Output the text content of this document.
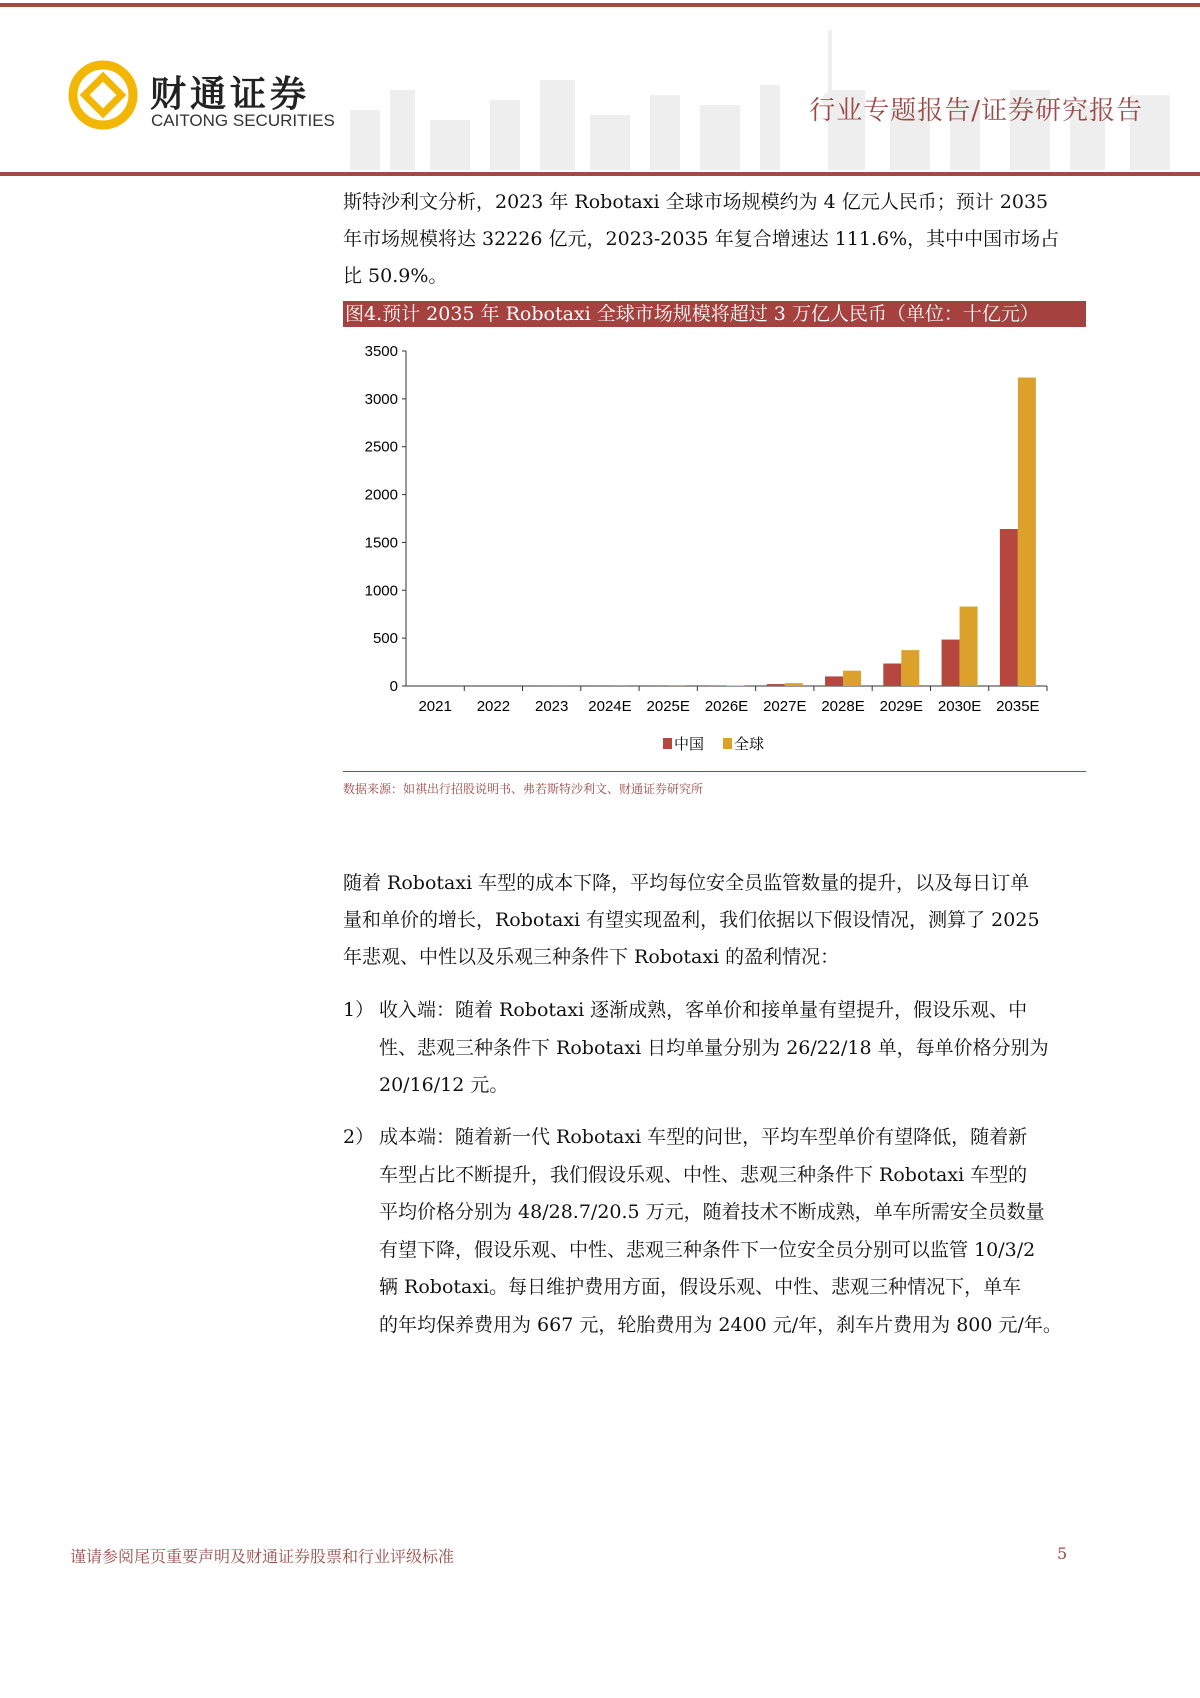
财通证券
CAITONG SECURITIES	行业专题报告/证券研究报告
斯特沙利文分析，2023 年 Robotaxi 全球市场规模约为 4 亿元人民币；预计 2035
年市场规模将达 32226 亿元，2023-2035 年复合增速达 111.6%，其中中国市场占
比 50.9%。
图4.预计 2035 年 Robotaxi 全球市场规模将超过 3 万亿人民币（单位：十亿元）
0
500
1000
1500
2000
2500
3000
3500
2021 2022 2023 2024E 2025E 2026E 2027E 2028E 2029E 2030E 2035E
中国 全球
数据来源：如祺出行招股说明书、弗若斯特沙利文、财通证券研究所
随着 Robotaxi 车型的成本下降，平均每位安全员监管数量的提升，以及每日订单
量和单价的增长，Robotaxi 有望实现盈利，我们依据以下假设情况，测算了 2025
年悲观、中性以及乐观三种条件下 Robotaxi 的盈利情况：
1） 收入端：随着 Robotaxi 逐渐成熟，客单价和接单量有望提升，假设乐观、中
性、悲观三种条件下 Robotaxi 日均单量分别为 26/22/18 单，每单价格分别为
20/16/12 元。
2） 成本端：随着新一代 Robotaxi 车型的问世，平均车型单价有望降低，随着新
车型占比不断提升，我们假设乐观、中性、悲观三种条件下 Robotaxi 车型的
平均价格分别为 48/28.7/20.5 万元，随着技术不断成熟，单车所需安全员数量
有望下降，假设乐观、中性、悲观三种条件下一位安全员分别可以监管 10/3/2
辆 Robotaxi。每日维护费用方面，假设乐观、中性、悲观三种情况下，单车
的年均保养费用为 667 元，轮胎费用为 2400 元/年，刹车片费用为 800 元/年。
谨请参阅尾页重要声明及财通证券股票和行业评级标准	5
